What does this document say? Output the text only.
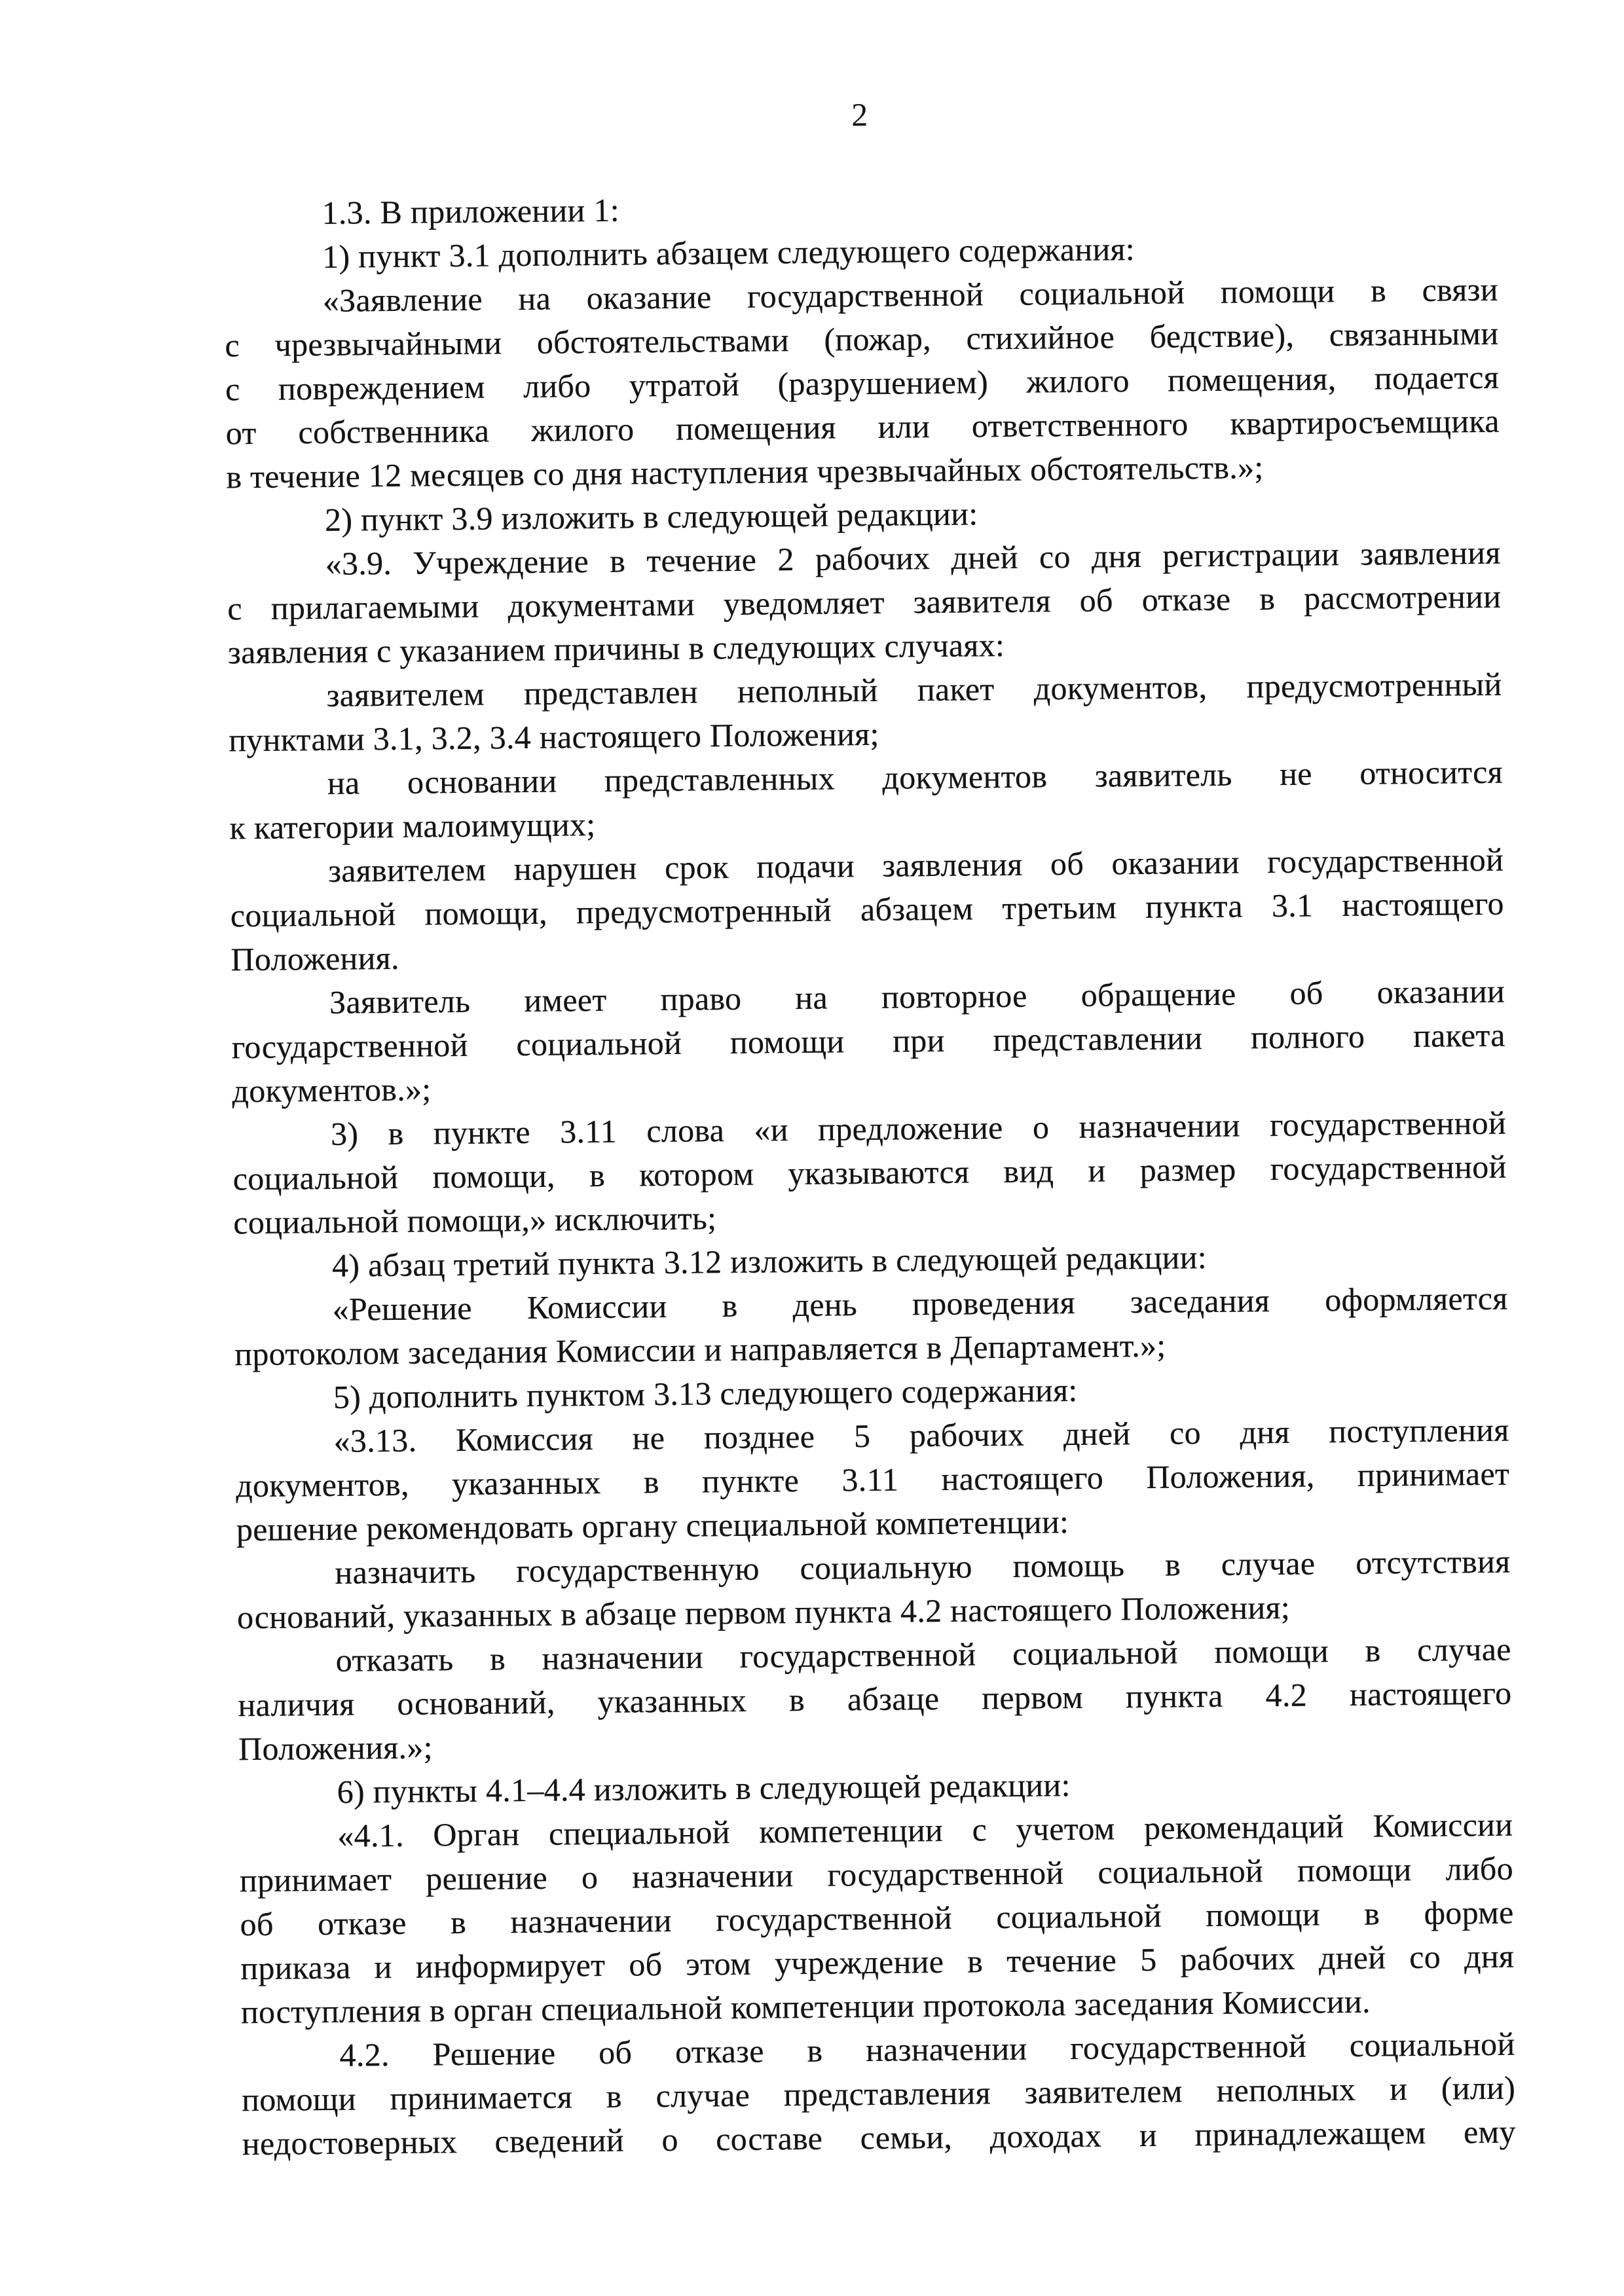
2
1.3. В приложении 1:
1) пункт 3.1 дополнить абзацем следующего содержания:
«Заявление на оказание государственной социальной помощи в связи
с чрезвычайными обстоятельствами (пожар, стихийное бедствие), связанными
с повреждением либо утратой (разрушением) жилого помещения, подается
от собственника жилого помещения или ответственного квартиросъемщика
в течение 12 месяцев со дня наступления чрезвычайных обстоятельств.»;
2) пункт 3.9 изложить в следующей редакции:
«3.9. Учреждение в течение 2 рабочих дней со дня регистрации заявления
с прилагаемыми документами уведомляет заявителя об отказе в рассмотрении
заявления с указанием причины в следующих случаях:
заявителем представлен неполный пакет документов, предусмотренный
пунктами 3.1, 3.2, 3.4 настоящего Положения;
на основании представленных документов заявитель не относится
к категории малоимущих;
заявителем нарушен срок подачи заявления об оказании государственной
социальной помощи, предусмотренный абзацем третьим пункта 3.1 настоящего
Положения.
Заявитель имеет право на повторное обращение об оказании
государственной социальной помощи при представлении полного пакета
документов.»;
3) в пункте 3.11 слова «и предложение о назначении государственной
социальной помощи, в котором указываются вид и размер государственной
социальной помощи,» исключить;
4) абзац третий пункта 3.12 изложить в следующей редакции:
«Решение Комиссии в день проведения заседания оформляется
протоколом заседания Комиссии и направляется в Департамент.»;
5) дополнить пунктом 3.13 следующего содержания:
«3.13. Комиссия не позднее 5 рабочих дней со дня поступления
документов, указанных в пункте 3.11 настоящего Положения, принимает
решение рекомендовать органу специальной компетенции:
назначить государственную социальную помощь в случае отсутствия
оснований, указанных в абзаце первом пункта 4.2 настоящего Положения;
отказать в назначении государственной социальной помощи в случае
наличия оснований, указанных в абзаце первом пункта 4.2 настоящего
Положения.»;
6) пункты 4.1–4.4 изложить в следующей редакции:
«4.1. Орган специальной компетенции с учетом рекомендаций Комиссии
принимает решение о назначении государственной социальной помощи либо
об отказе в назначении государственной социальной помощи в форме
приказа и информирует об этом учреждение в течение 5 рабочих дней со дня
поступления в орган специальной компетенции протокола заседания Комиссии.
4.2. Решение об отказе в назначении государственной социальной
помощи принимается в случае представления заявителем неполных и (или)
недостоверных сведений о составе семьи, доходах и принадлежащем ему
